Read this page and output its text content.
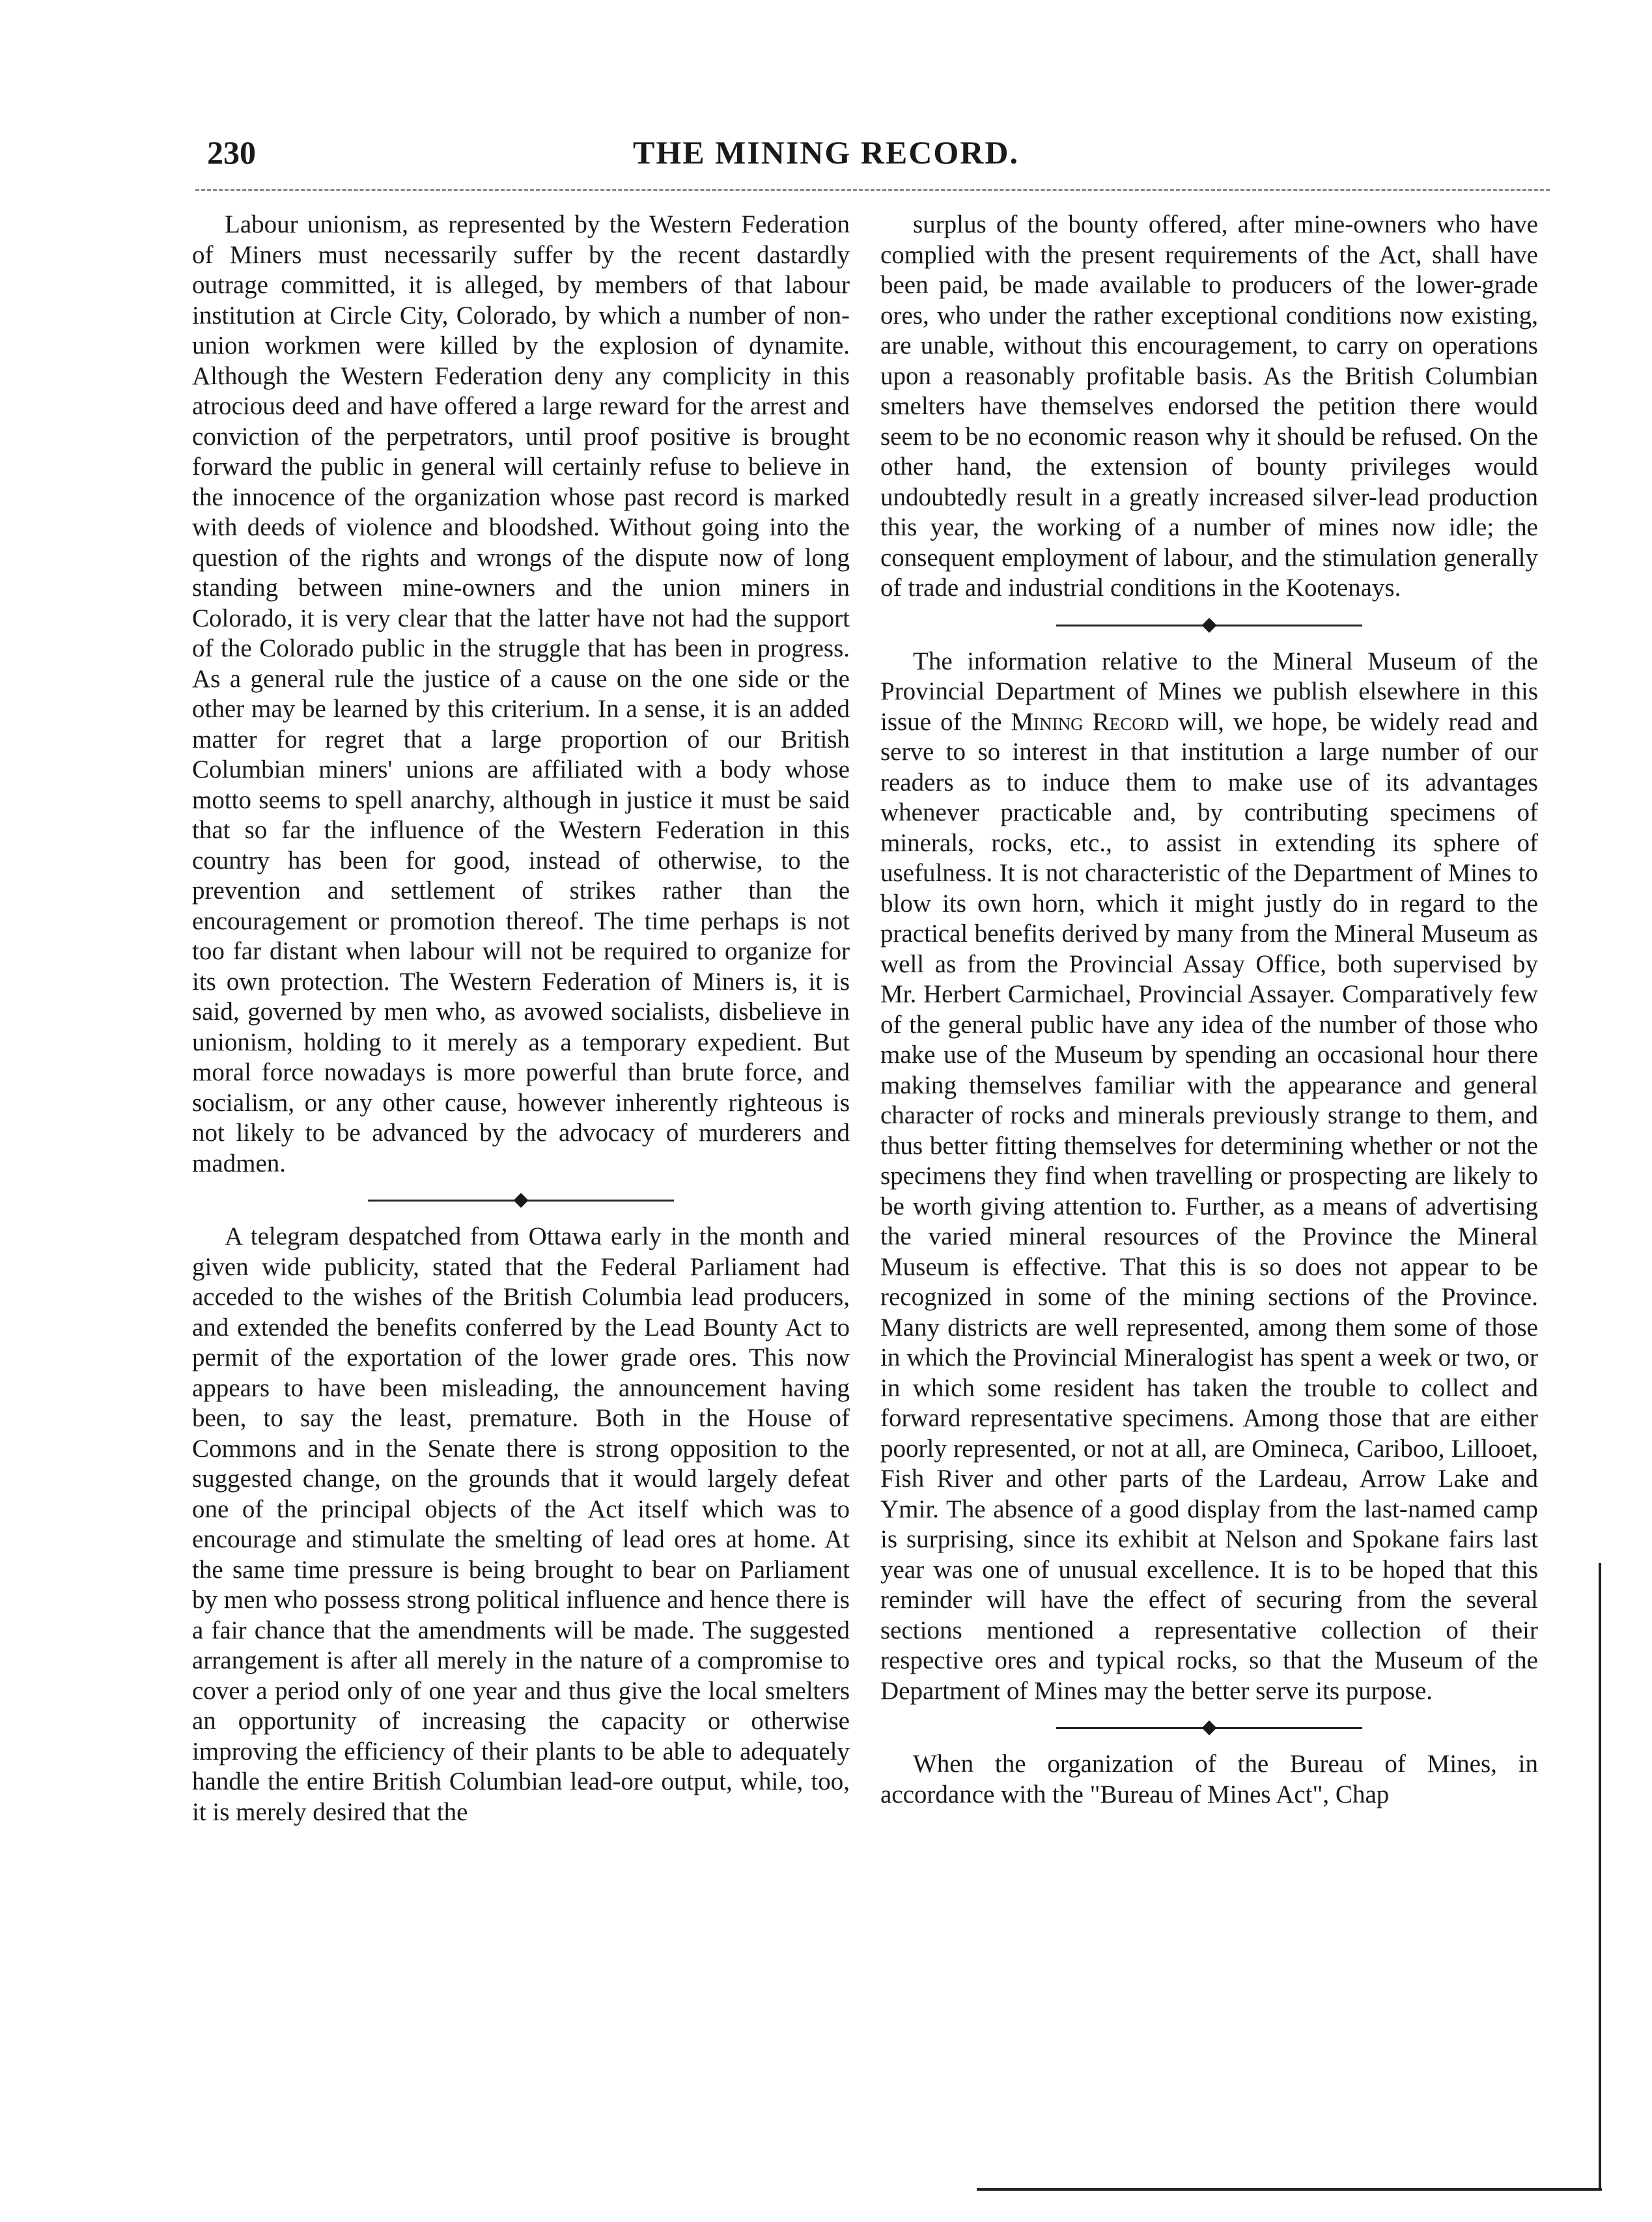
230	THE MINING RECORD.

Labour unionism, as represented by the Western Federation of Miners must necessarily suffer by the recent dastardly outrage committed, it is alleged, by members of that labour institution at Circle City, Colorado, by which a number of non-union workmen were killed by the explosion of dynamite. Although the Western Federation deny any complicity in this atrocious deed and have offered a large reward for the arrest and conviction of the perpetrators, until proof positive is brought forward the public in general will certainly refuse to believe in the innocence of the organization whose past record is marked with deeds of violence and bloodshed. Without going into the question of the rights and wrongs of the dispute now of long standing between mine-owners and the union miners in Colorado, it is very clear that the latter have not had the support of the Colorado public in the struggle that has been in progress. As a general rule the justice of a cause on the one side or the other may be learned by this criterium. In a sense, it is an added matter for regret that a large proportion of our British Columbian miners' unions are affiliated with a body whose motto seems to spell anarchy, although in justice it must be said that so far the influence of the Western Federation in this country has been for good, instead of otherwise, to the prevention and settlement of strikes rather than the encouragement or promotion thereof. The time perhaps is not too far distant when labour will not be required to organize for its own protection. The Western Federation of Miners is, it is said, governed by men who, as avowed socialists, disbelieve in unionism, holding to it merely as a temporary expedient. But moral force nowadays is more powerful than brute force, and socialism, or any other cause, however inherently righteous is not likely to be advanced by the advocacy of murderers and madmen.

◆

A telegram despatched from Ottawa early in the month and given wide publicity, stated that the Federal Parliament had acceded to the wishes of the British Columbia lead producers, and extended the benefits conferred by the Lead Bounty Act to permit of the exportation of the lower grade ores. This now appears to have been misleading, the announcement having been, to say the least, premature. Both in the House of Commons and in the Senate there is strong opposition to the suggested change, on the grounds that it would largely defeat one of the principal objects of the Act itself which was to encourage and stimulate the smelting of lead ores at home. At the same time pressure is being brought to bear on Parliament by men who possess strong political influence and hence there is a fair chance that the amendments will be made. The suggested arrangement is after all merely in the nature of a compromise to cover a period only of one year and thus give the local smelters an opportunity of increasing the capacity or otherwise improving the efficiency of their plants to be able to adequately handle the entire British Columbian lead-ore output, while, too, it is merely desired that the

surplus of the bounty offered, after mine-owners who have complied with the present requirements of the Act, shall have been paid, be made available to producers of the lower-grade ores, who under the rather exceptional conditions now existing, are unable, without this encouragement, to carry on operations upon a reasonably profitable basis. As the British Columbian smelters have themselves endorsed the petition there would seem to be no economic reason why it should be refused. On the other hand, the extension of bounty privileges would undoubtedly result in a greatly increased silver-lead production this year, the working of a number of mines now idle; the consequent employment of labour, and the stimulation generally of trade and industrial conditions in the Kootenays.

◆

The information relative to the Mineral Museum of the Provincial Department of Mines we publish elsewhere in this issue of the Mining Record will, we hope, be widely read and serve to so interest in that institution a large number of our readers as to induce them to make use of its advantages whenever practicable and, by contributing specimens of minerals, rocks, etc., to assist in extending its sphere of usefulness. It is not characteristic of the Department of Mines to blow its own horn, which it might justly do in regard to the practical benefits derived by many from the Mineral Museum as well as from the Provincial Assay Office, both supervised by Mr. Herbert Carmichael, Provincial Assayer. Comparatively few of the general public have any idea of the number of those who make use of the Museum by spending an occasional hour there making themselves familiar with the appearance and general character of rocks and minerals previously strange to them, and thus better fitting themselves for determining whether or not the specimens they find when travelling or prospecting are likely to be worth giving attention to. Further, as a means of advertising the varied mineral resources of the Province the Mineral Museum is effective. That this is so does not appear to be recognized in some of the mining sections of the Province. Many districts are well represented, among them some of those in which the Provincial Mineralogist has spent a week or two, or in which some resident has taken the trouble to collect and forward representative specimens. Among those that are either poorly represented, or not at all, are Omineca, Cariboo, Lillooet, Fish River and other parts of the Lardeau, Arrow Lake and Ymir. The absence of a good display from the last-named camp is surprising, since its exhibit at Nelson and Spokane fairs last year was one of unusual excellence. It is to be hoped that this reminder will have the effect of securing from the several sections mentioned a representative collection of their respective ores and typical rocks, so that the Museum of the Department of Mines may the better serve its purpose.

◆

When the organization of the Bureau of Mines, in accordance with the "Bureau of Mines Act", Chap
